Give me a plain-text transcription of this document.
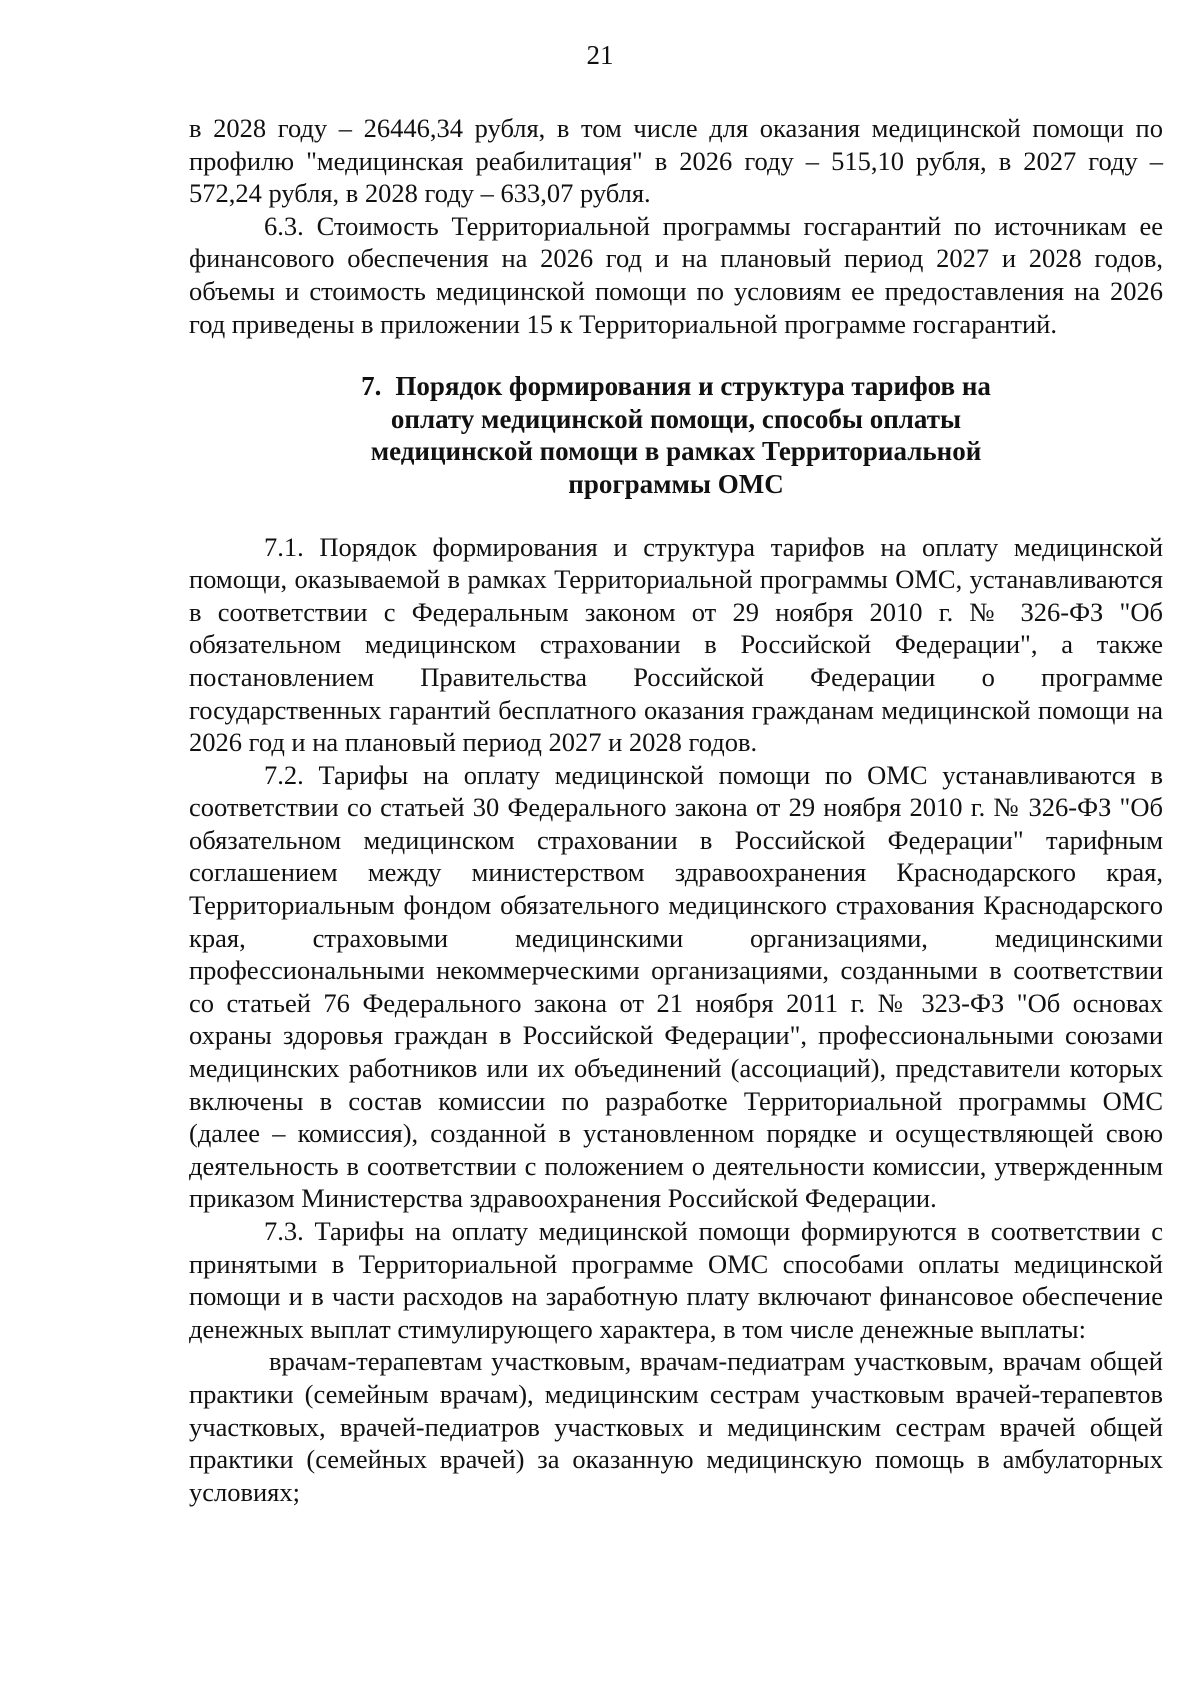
21

в 2028 году – 26446,34 рубля, в том числе для оказания медицинской помощи по профилю "медицинская реабилитация" в 2026 году – 515,10 рубля, в 2027 году – 572,24 рубля, в 2028 году – 633,07 рубля.

6.3. Стоимость Территориальной программы госгарантий по источникам ее финансового обеспечения на 2026 год и на плановый период 2027 и 2028 годов, объемы и стоимость медицинской помощи по условиям ее предоставления на 2026 год приведены в приложении 15 к Территориальной программе госгарантий.

7. Порядок формирования и структура тарифов на оплату медицинской помощи, способы оплаты медицинской помощи в рамках Территориальной программы ОМС

7.1. Порядок формирования и структура тарифов на оплату медицинской помощи, оказываемой в рамках Территориальной программы ОМС, устанавливаются в соответствии с Федеральным законом от 29 ноября 2010 г. № 326-ФЗ "Об обязательном медицинском страховании в Российской Федерации", а также постановлением Правительства Российской Федерации о программе государственных гарантий бесплатного оказания гражданам медицинской помощи на 2026 год и на плановый период 2027 и 2028 годов.

7.2. Тарифы на оплату медицинской помощи по ОМС устанавливаются в соответствии со статьей 30 Федерального закона от 29 ноября 2010 г. № 326-ФЗ "Об обязательном медицинском страховании в Российской Федерации" тарифным соглашением между министерством здравоохранения Краснодарского края, Территориальным фондом обязательного медицинского страхования Краснодарского края, страховыми медицинскими организациями, медицинскими профессиональными некоммерческими организациями, созданными в соответствии со статьей 76 Федерального закона от 21 ноября 2011 г. № 323-ФЗ "Об основах охраны здоровья граждан в Российской Федерации", профессиональными союзами медицинских работников или их объединений (ассоциаций), представители которых включены в состав комиссии по разработке Территориальной программы ОМС (далее – комиссия), созданной в установленном порядке и осуществляющей свою деятельность в соответствии с положением о деятельности комиссии, утвержденным приказом Министерства здравоохранения Российской Федерации.

7.3. Тарифы на оплату медицинской помощи формируются в соответствии с принятыми в Территориальной программе ОМС способами оплаты медицинской помощи и в части расходов на заработную плату включают финансовое обеспечение денежных выплат стимулирующего характера, в том числе денежные выплаты:

врачам-терапевтам участковым, врачам-педиатрам участковым, врачам общей практики (семейным врачам), медицинским сестрам участковым врачей-терапевтов участковых, врачей-педиатров участковых и медицинским сестрам врачей общей практики (семейных врачей) за оказанную медицинскую помощь в амбулаторных условиях;
